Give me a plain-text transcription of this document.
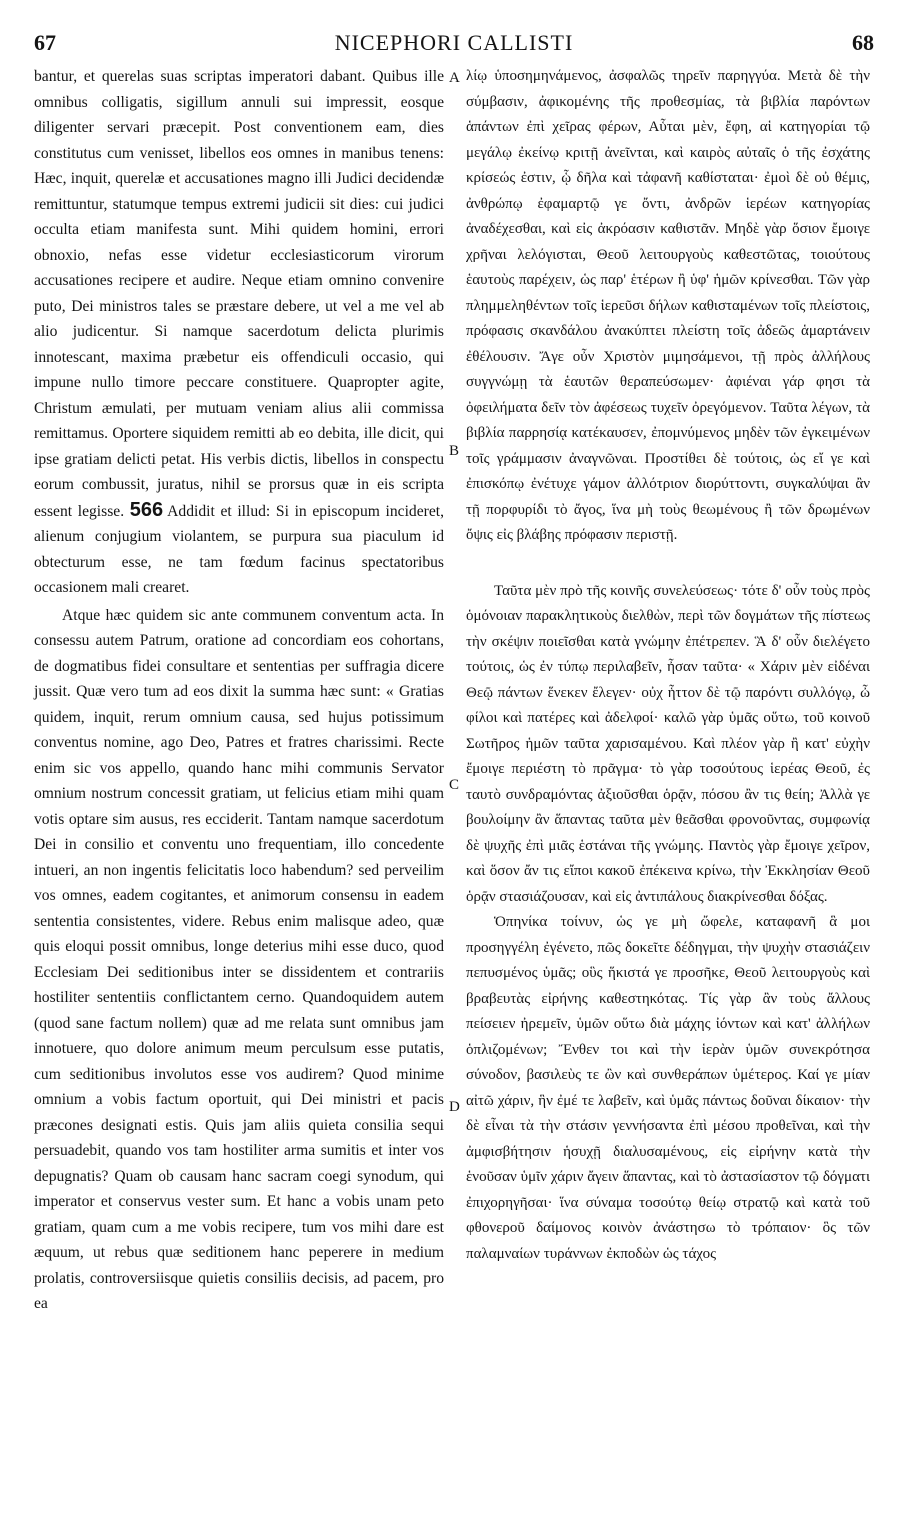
67	NICEPHORI CALLISTI	68

bantur, et querelas suas scriptas imperatori dabant. Quibus ille omnibus colligatis, sigillum annuli sui impressit, eosque diligenter servari præcepit. Post conventionem eam, dies constitutus cum venisset, libellos eos omnes in manibus tenens: Hæc, inquit, querelæ et accusationes magno illi Judici decidendæ remittuntur, statumque tempus extremi judicii sit dies: cui judici occulta etiam manifesta sunt. Mihi quidem homini, errori obnoxio, nefas esse videtur ecclesiasticorum virorum accusationes recipere et audire. Neque etiam omnino convenire puto, Dei ministros tales se præstare debere, ut vel a me vel ab alio judicentur. Si namque sacerdotum delicta plurimis innotescant, maxima præbetur eis offendiculi occasio, qui impune nullo timore peccare constituere. Quapropter agite, Christum æmulati, per mutuam veniam alius alii commissa remittamus. Oportere siquidem remitti ab eo debita, ille dicit, qui ipse gratiam delicti petat. His verbis dictis, libellos in conspectu eorum combussit, juratus, nihil se prorsus quæ in eis scripta essent legisse. 566 Addidit et illud: Si in episcopum incideret, alienum conjugium violantem, se purpura sua piaculum id obtecturum esse, ne tam fœdum facinus spectatoribus occasionem mali crearet.

Atque hæc quidem sic ante communem conventum acta. In consessu autem Patrum, oratione ad concordiam eos cohortans, de dogmatibus fidei consultare et sententias per suffragia dicere jussit. Quæ vero tum ad eos dixit la summa hæc sunt: « Gratias quidem, inquit, rerum omnium causa, sed hujus potissimum conventus nomine, ago Deo, Patres et fratres charissimi. Recte enim sic vos appello, quando hanc mihi communis Servator omnium nostrum concessit gratiam, ut felicius etiam mihi quam votis optare sim ausus, res ecciderit. Tantam namque sacerdotum Dei in consilio et conventu uno frequentiam, illo concedente intueri, an non ingentis felicitatis loco habendum? sed perveilim vos omnes, eadem cogitantes, et animorum consensu in eadem sententia consistentes, videre. Rebus enim malisque adeo, quæ quis eloqui possit omnibus, longe deterius mihi esse duco, quod Ecclesiam Dei seditionibus inter se dissidentem et contrariis hostiliter sententiis conflictantem cerno. Quandoquidem autem (quod sane factum nollem) quæ ad me relata sunt omnibus jam innotuere, quo dolore animum meum perculsum esse putatis, cum seditionibus involutos esse vos audirem? Quod minime omnium a vobis factum oportuit, qui Dei ministri et pacis præcones designati estis. Quis jam aliis quieta consilia sequi persuadebit, quando vos tam hostiliter arma sumitis et inter vos depugnatis? Quam ob causam hanc sacram coegi synodum, qui imperator et conservus vester sum. Et hanc a vobis unam peto gratiam, quam cum a me vobis recipere, tum vos mihi dare est æquum, ut rebus quæ seditionem hanc peperere in medium prolatis, controversiisque quietis consiliis decisis, ad pacem, pro ea

A
B
C
D

λίῳ ὑποσημηνάμενος, ἀσφαλῶς τηρεῖν παρηγγύα. Μετὰ δὲ τὴν σύμβασιν, ἀφικομένης τῆς προθεσμίας, τὰ βιβλία παρόντων ἁπάντων ἐπὶ χεῖρας φέρων, Αὗται μὲν, ἔφη, αἱ κατηγορίαι τῷ μεγάλῳ ἐκείνῳ κριτῇ ἀνεῖνται, καὶ καιρὸς αὐταῖς ὁ τῆς ἐσχάτης κρίσεώς ἐστιν, ᾧ δῆλα καὶ τἀφανῆ καθίσταται· ἐμοὶ δὲ οὐ θέμις, ἀνθρώπῳ ἐφαμαρτῷ γε ὄντι, ἀνδρῶν ἱερέων κατηγορίας ἀναδέχεσθαι, καὶ εἰς ἀκρόασιν καθιστᾶν. Μηδὲ γὰρ ὅσιον ἔμοιγε χρῆναι λελόγισται, Θεοῦ λειτουργοὺς καθεστῶτας, τοιούτους ἑαυτοὺς παρέχειν, ὡς παρ' ἑτέρων ἢ ὑφ' ἡμῶν κρίνεσθαι. Τῶν γὰρ πλημμεληθέντων τοῖς ἱερεῦσι δήλων καθισταμένων τοῖς πλείστοις, πρόφασις σκανδάλου ἀνακύπτει πλείστη τοῖς ἀδεῶς ἁμαρτάνειν ἐθέλουσιν. Ἄγε οὖν Χριστὸν μιμησάμενοι, τῇ πρὸς ἀλλήλους συγγνώμῃ τὰ ἑαυτῶν θεραπεύσωμεν· ἀφιέναι γάρ φησι τὰ ὀφειλήματα δεῖν τὸν ἀφέσεως τυχεῖν ὀρεγόμενον. Ταῦτα λέγων, τὰ βιβλία παρρησίᾳ κατέκαυσεν, ἐπομνύμενος μηδὲν τῶν ἐγκειμένων τοῖς γράμμασιν ἀναγνῶναι. Προστίθει δὲ τούτοις, ὡς εἴ γε καὶ ἐπισκόπῳ ἐνέτυχε γάμον ἀλλότριον διορύττοντι, συγκαλύψαι ἂν τῇ πορφυρίδι τὸ ἄγος, ἵνα μὴ τοὺς θεωμένους ἢ τῶν δρωμένων ὄψις εἰς βλάβης πρόφασιν περιστῇ.

Ταῦτα μὲν πρὸ τῆς κοινῆς συνελεύσεως· τότε δ' οὖν τοὺς πρὸς ὁμόνοιαν παρακλητικοὺς διελθὼν, περὶ τῶν δογμάτων τῆς πίστεως τὴν σκέψιν ποιεῖσθαι κατὰ γνώμην ἐπέτρεπεν. Ἃ δ' οὖν διελέγετο τούτοις, ὡς ἐν τύπῳ περιλαβεῖν, ἦσαν ταῦτα· « Χάριν μὲν εἰδέναι Θεῷ πάντων ἕνεκεν ἔλεγεν· οὐχ ἧττον δὲ τῷ παρόντι συλλόγῳ, ὦ φίλοι καὶ πατέρες καὶ ἀδελφοί· καλῶ γὰρ ὑμᾶς οὕτω, τοῦ κοινοῦ Σωτῆρος ἡμῶν ταῦτα χαρισαμένου. Καὶ πλέον γὰρ ἢ κατ' εὐχὴν ἔμοιγε περιέστη τὸ πρᾶγμα· τὸ γὰρ τοσούτους ἱερέας Θεοῦ, ἐς ταυτὸ συνδραμόντας ἀξιοῦσθαι ὁρᾷν, πόσου ἂν τις θείη; Ἀλλὰ γε βουλοίμην ἂν ἅπαντας ταῦτα μὲν θεᾶσθαι φρονοῦντας, συμφωνίᾳ δὲ ψυχῆς ἐπὶ μιᾶς ἑστάναι τῆς γνώμης. Παντὸς γὰρ ἔμοιγε χεῖρον, καὶ ὅσον ἄν τις εἴποι κακοῦ ἐπέκεινα κρίνω, τὴν Ἐκκλησίαν Θεοῦ ὁρᾷν στασιάζουσαν, καὶ εἰς ἀντιπάλους διακρίνεσθαι δόξας.

Ὁπηνίκα τοίνυν, ὡς γε μὴ ὤφελε, καταφανῆ ἃ μοι προσηγγέλη ἐγένετο, πῶς δοκεῖτε δέδηγμαι, τὴν ψυχὴν στασιάζειν πεπυσμένος ὑμᾶς; οὓς ἥκιστά γε προσῆκε, Θεοῦ λειτουργοὺς καὶ βραβευτὰς εἰρήνης καθεστηκότας. Τίς γὰρ ἂν τοὺς ἄλλους πείσειεν ἠρεμεῖν, ὑμῶν οὕτω διὰ μάχης ἰόντων καὶ κατ' ἀλλήλων ὁπλιζομένων; Ἔνθεν τοι καὶ τὴν ἱερὰν ὑμῶν συνεκρότησα σύνοδον, βασιλεὺς τε ὢν καὶ συνθεράπων ὑμέτερος. Καί γε μίαν αἰτῶ χάριν, ἣν ἐμέ τε λαβεῖν, καὶ ὑμᾶς πάντως δοῦναι δίκαιον· τὴν δὲ εἶναι τὰ τὴν στάσιν γεννήσαντα ἐπὶ μέσου προθεῖναι, καὶ τὴν ἀμφισβήτησιν ἡσυχῇ διαλυσαμένους, εἰς εἰρήνην κατὰ τὴν ἑνοῦσαν ὑμῖν χάριν ἄγειν ἅπαντας, καὶ τὸ ἀστασίαστον τῷ δόγματι ἐπιχορηγῆσαι· ἵνα σύναμα τοσούτῳ θείῳ στρατῷ καὶ κατὰ τοῦ φθονεροῦ δαίμονος κοινὸν ἀνάστησω τὸ τρόπαιον· ὃς τῶν παλαμναίων τυράννων ἐκποδὼν ὡς τάχος
